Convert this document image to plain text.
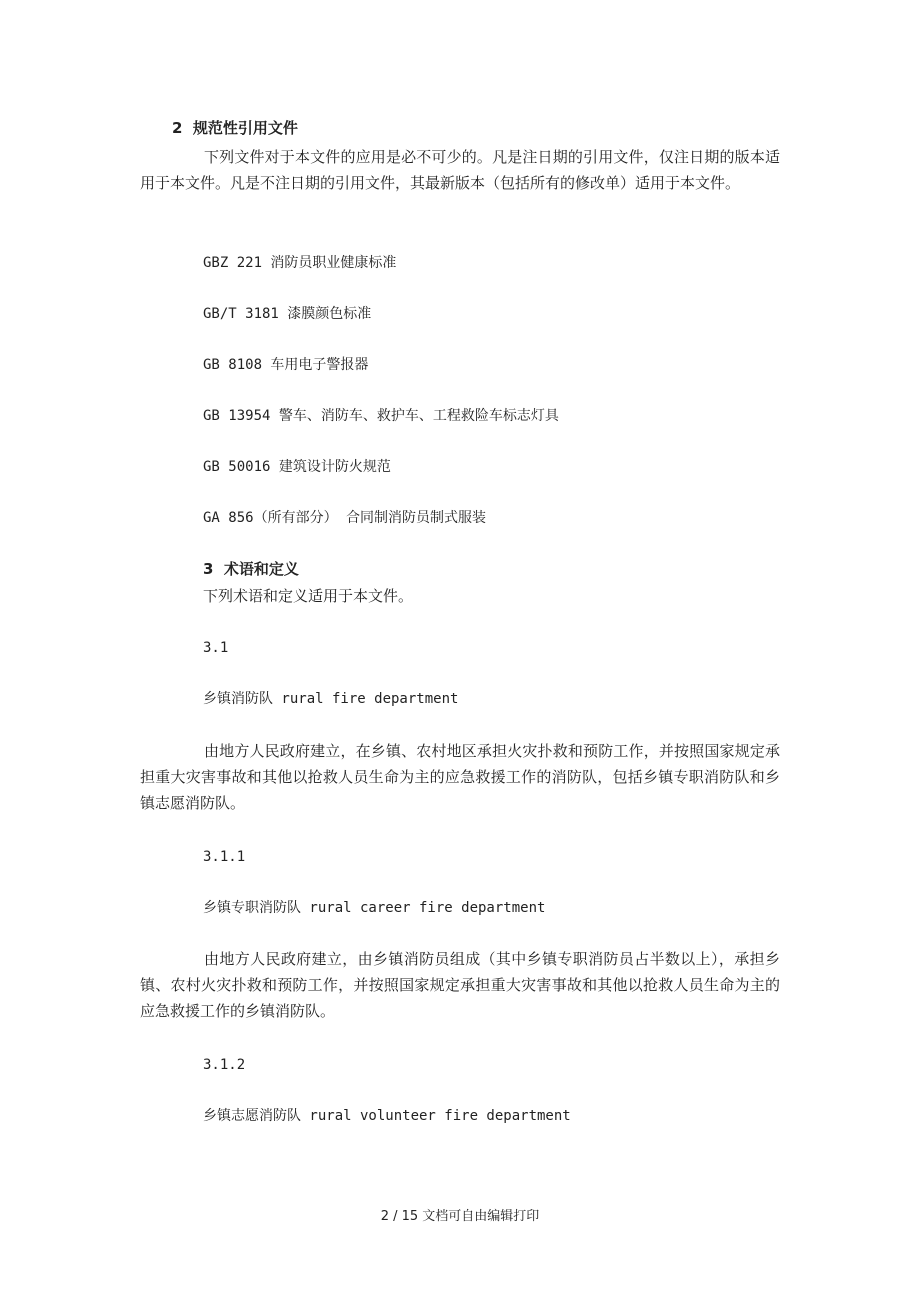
2 规范性引用文件
下列文件对于本文件的应用是必不可少的。凡是注日期的引用文件，仅注日期的版本适用于本文件。凡是不注日期的引用文件，其最新版本（包括所有的修改单）适用于本文件。
GBZ 221 消防员职业健康标准
GB/T 3181 漆膜颜色标准
GB 8108 车用电子警报器
GB 13954 警车、消防车、救护车、工程救险车标志灯具
GB 50016 建筑设计防火规范
GA 856（所有部分） 合同制消防员制式服装
3 术语和定义
下列术语和定义适用于本文件。
3.1
乡镇消防队 rural fire department
由地方人民政府建立，在乡镇、农村地区承担火灾扑救和预防工作，并按照国家规定承担重大灾害事故和其他以抢救人员生命为主的应急救援工作的消防队，包括乡镇专职消防队和乡镇志愿消防队。
3.1.1
乡镇专职消防队 rural career fire department
由地方人民政府建立，由乡镇消防员组成（其中乡镇专职消防员占半数以上），承担乡镇、农村火灾扑救和预防工作，并按照国家规定承担重大灾害事故和其他以抢救人员生命为主的应急救援工作的乡镇消防队。
3.1.2
乡镇志愿消防队 rural volunteer fire department
2 / 15 文档可自由编辑打印
